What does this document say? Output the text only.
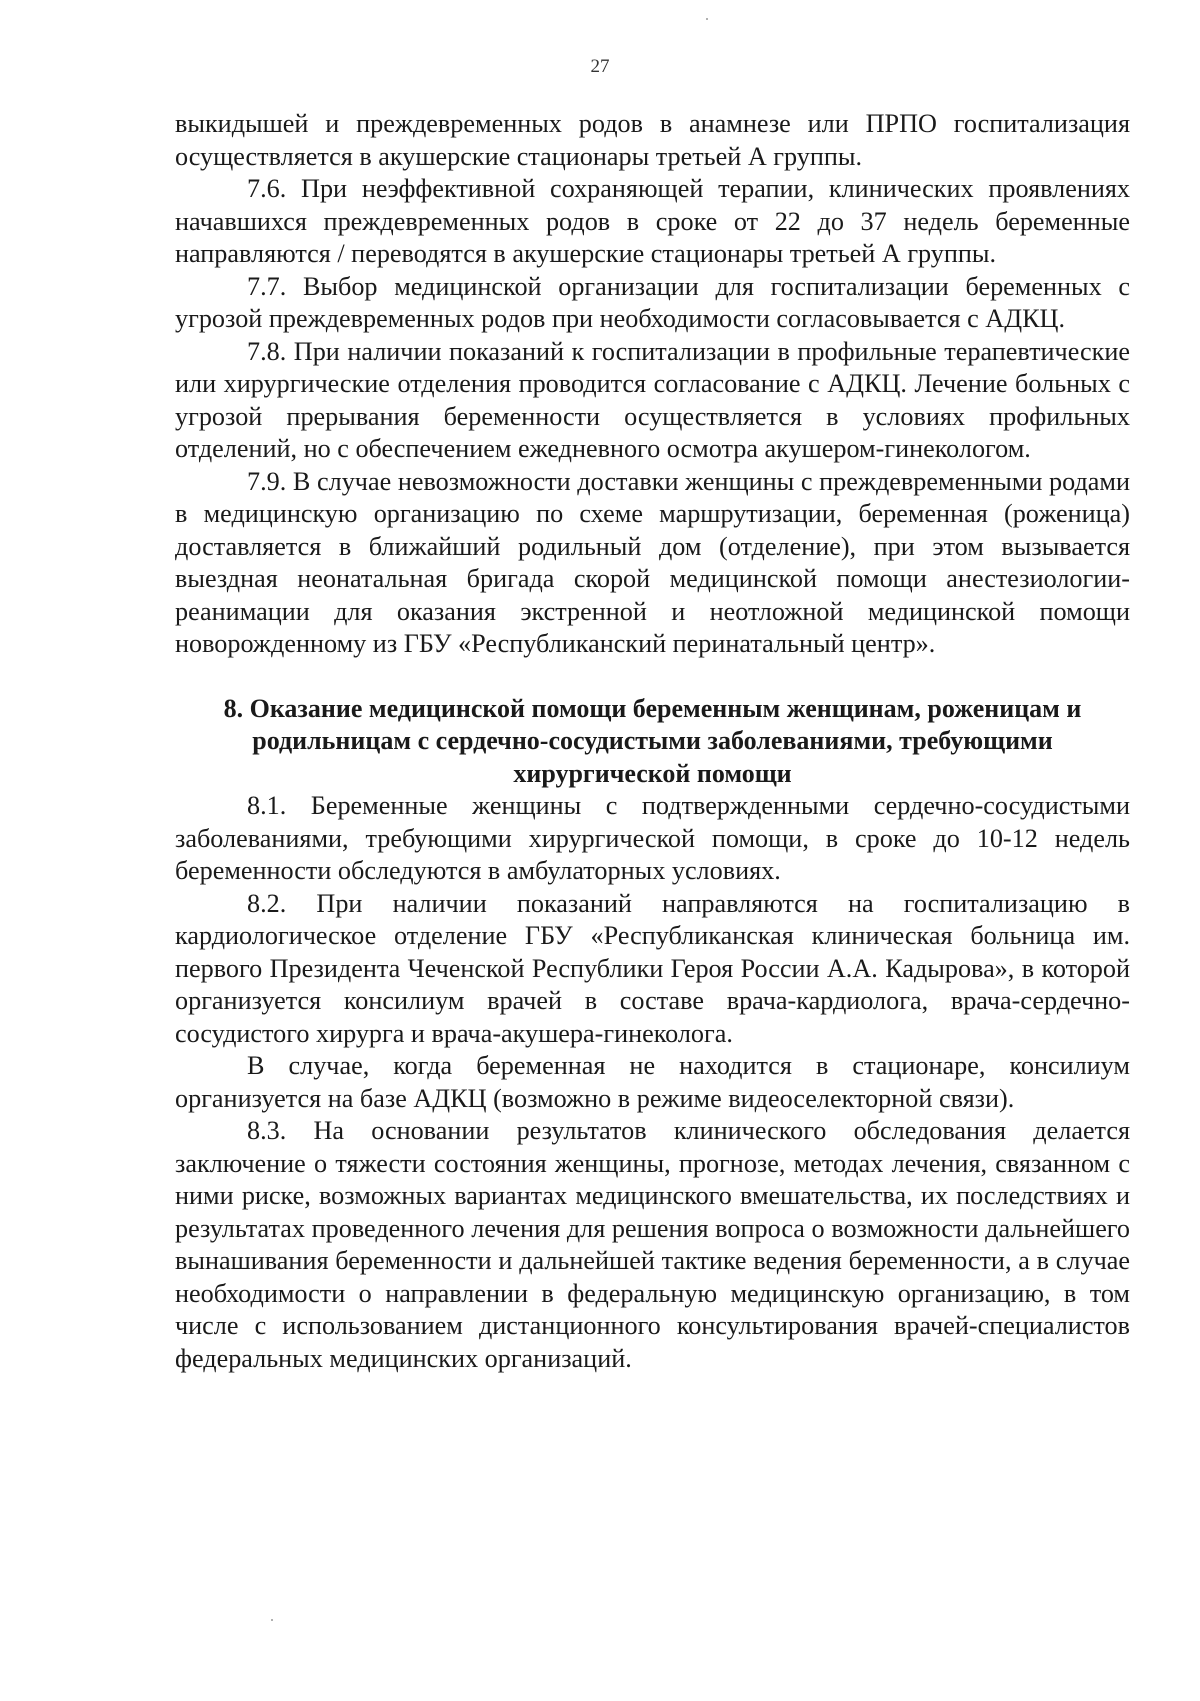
27

выкидышей и преждевременных родов в анамнезе или ПРПО госпитализация осуществляется в акушерские стационары третьей А группы.

7.6. При неэффективной сохраняющей терапии, клинических проявлениях начавшихся преждевременных родов в сроке от 22 до 37 недель беременные направляются / переводятся в акушерские стационары третьей А группы.

7.7. Выбор медицинской организации для госпитализации беременных с угрозой преждевременных родов при необходимости согласовывается с АДКЦ.

7.8. При наличии показаний к госпитализации в профильные терапевтические или хирургические отделения проводится согласование с АДКЦ. Лечение больных с угрозой прерывания беременности осуществляется в условиях профильных отделений, но с обеспечением ежедневного осмотра акушером-гинекологом.

7.9. В случае невозможности доставки женщины с преждевременными родами в медицинскую организацию по схеме маршрутизации, беременная (роженица) доставляется в ближайший родильный дом (отделение), при этом вызывается выездная неонатальная бригада скорой медицинской помощи анестезиологии-реанимации для оказания экстренной и неотложной медицинской помощи новорожденному из ГБУ «Республиканский перинатальный центр».

8. Оказание медицинской помощи беременным женщинам, роженицам и родильницам с сердечно-сосудистыми заболеваниями, требующими хирургической помощи

8.1. Беременные женщины с подтвержденными сердечно-сосудистыми заболеваниями, требующими хирургической помощи, в сроке до 10-12 недель беременности обследуются в амбулаторных условиях.

8.2. При наличии показаний направляются на госпитализацию в кардиологическое отделение ГБУ «Республиканская клиническая больница им. первого Президента Чеченской Республики Героя России А.А. Кадырова», в которой организуется консилиум врачей в составе врача-кардиолога, врача-сердечно-сосудистого хирурга и врача-акушера-гинеколога.

В случае, когда беременная не находится в стационаре, консилиум организуется на базе АДКЦ (возможно в режиме видеоселекторной связи).

8.3. На основании результатов клинического обследования делается заключение о тяжести состояния женщины, прогнозе, методах лечения, связанном с ними риске, возможных вариантах медицинского вмешательства, их последствиях и результатах проведенного лечения для решения вопроса о возможности дальнейшего вынашивания беременности и дальнейшей тактике ведения беременности, а в случае необходимости о направлении в федеральную медицинскую организацию, в том числе с использованием дистанционного консультирования врачей-специалистов федеральных медицинских организаций.
